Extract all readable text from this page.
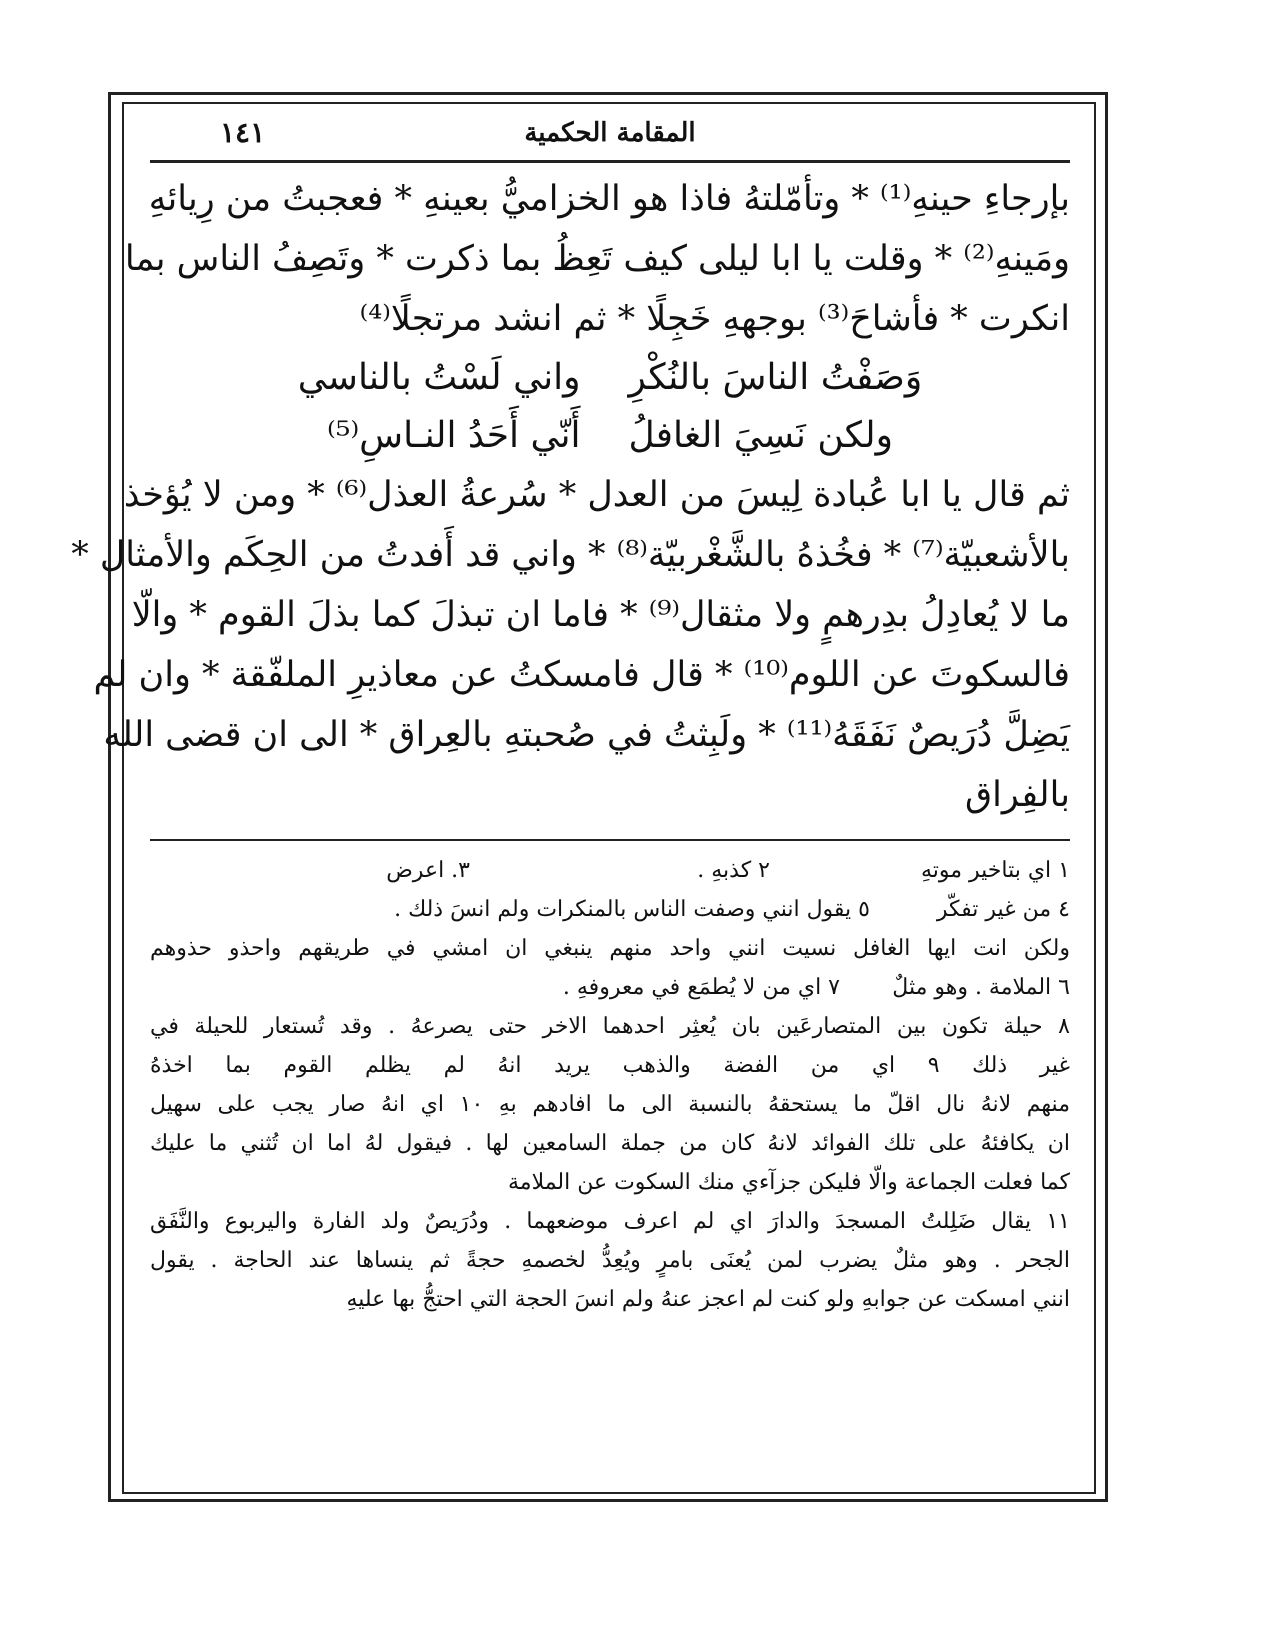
المقامة الحكمية
١٤١
بإرجاءِ حينهِ⁽¹⁾ * وتأمّلتهُ فاذا هو الخزاميُّ بعينهِ * فعجبتُ من رِيائهِ
ومَينهِ⁽²⁾ * وقلت يا ابا ليلى كيف تَعِظُ بما ذكرت * وتَصِفُ الناس بما
انكرت * فأشاحَ⁽³⁾ بوجههِ خَجِلًا * ثم انشد مرتجلًا⁽⁴⁾
وَصَفْتُ الناسَ بالنُكْرِ
واني لَسْتُ بالناسي
ولكن نَسِيَ الغافلُ
أَنّي أَحَدُ النـاسِ⁽⁵⁾
ثم قال يا ابا عُبادة لِيسَ من العدل * سُرعةُ العذل⁽⁶⁾ * ومن لا يُؤخذ
بالأشعبيّة⁽⁷⁾ * فخُذهُ بالشَّغْربيّة⁽⁸⁾ * واني قد أَفدتُ من الحِكَم والأمثال *
ما لا يُعادِلُ بدِرهمٍ ولا مثقال⁽⁹⁾ * فاما ان تبذلَ كما بذلَ القوم * والّا
فالسكوتَ عن اللوم⁽¹⁰⁾ * قال فامسكتُ عن معاذيرِ الملفّقة * وان لم
يَضِلَّ دُرَيصٌ نَفَقَهُ⁽¹¹⁾ * ولَبِثتُ في صُحبتهِ بالعِراق * الى ان قضى الله
بالفِراق
١ اي بتاخير موتهِ
٢ كذبهِ .
٣. اعرض
٤ من غير تفكّر
٥ يقول انني وصفت الناس بالمنكرات ولم انسَ ذلك .
ولكن انت ايها الغافل نسيت انني واحد منهم ينبغي ان امشي في طريقهم واحذو حذوهم
٦ الملامة . وهو مثلٌ
٧ اي من لا يُطمَع في معروفهِ .
٨ حيلة تكون بين المتصارعَين بان يُعثِر احدهما الاخر حتى يصرعهُ . وقد تُستعار للحيلة في
غير ذلك ٩ اي من الفضة والذهب يريد انهُ لم يظلم القوم بما اخذهُ
منهم لانهُ نال اقلّ ما يستحقهُ بالنسبة الى ما افادهم بهِ ١٠ اي انهُ صار يجب على سهيل
ان يكافئهُ على تلك الفوائد لانهُ كان من جملة السامعين لها . فيقول لهُ اما ان تُثني ما عليك
كما فعلت الجماعة والّا فليكن جزآءي منك السكوت عن الملامة
١١ يقال ضَلِلتُ المسجدَ والدارَ اي لم اعرف موضعهما . ودُرَيصٌ ولد الفارة واليربوع والنَّفَق
الجحر . وهو مثلٌ يضرب لمن يُعنَى بامرٍ ويُعِدُّ لخصمهِ حجةً ثم ينساها عند الحاجة . يقول
انني امسكت عن جوابهِ ولو كنت لم اعجز عنهُ ولم انسَ الحجة التي احتجُّ بها عليهِ
